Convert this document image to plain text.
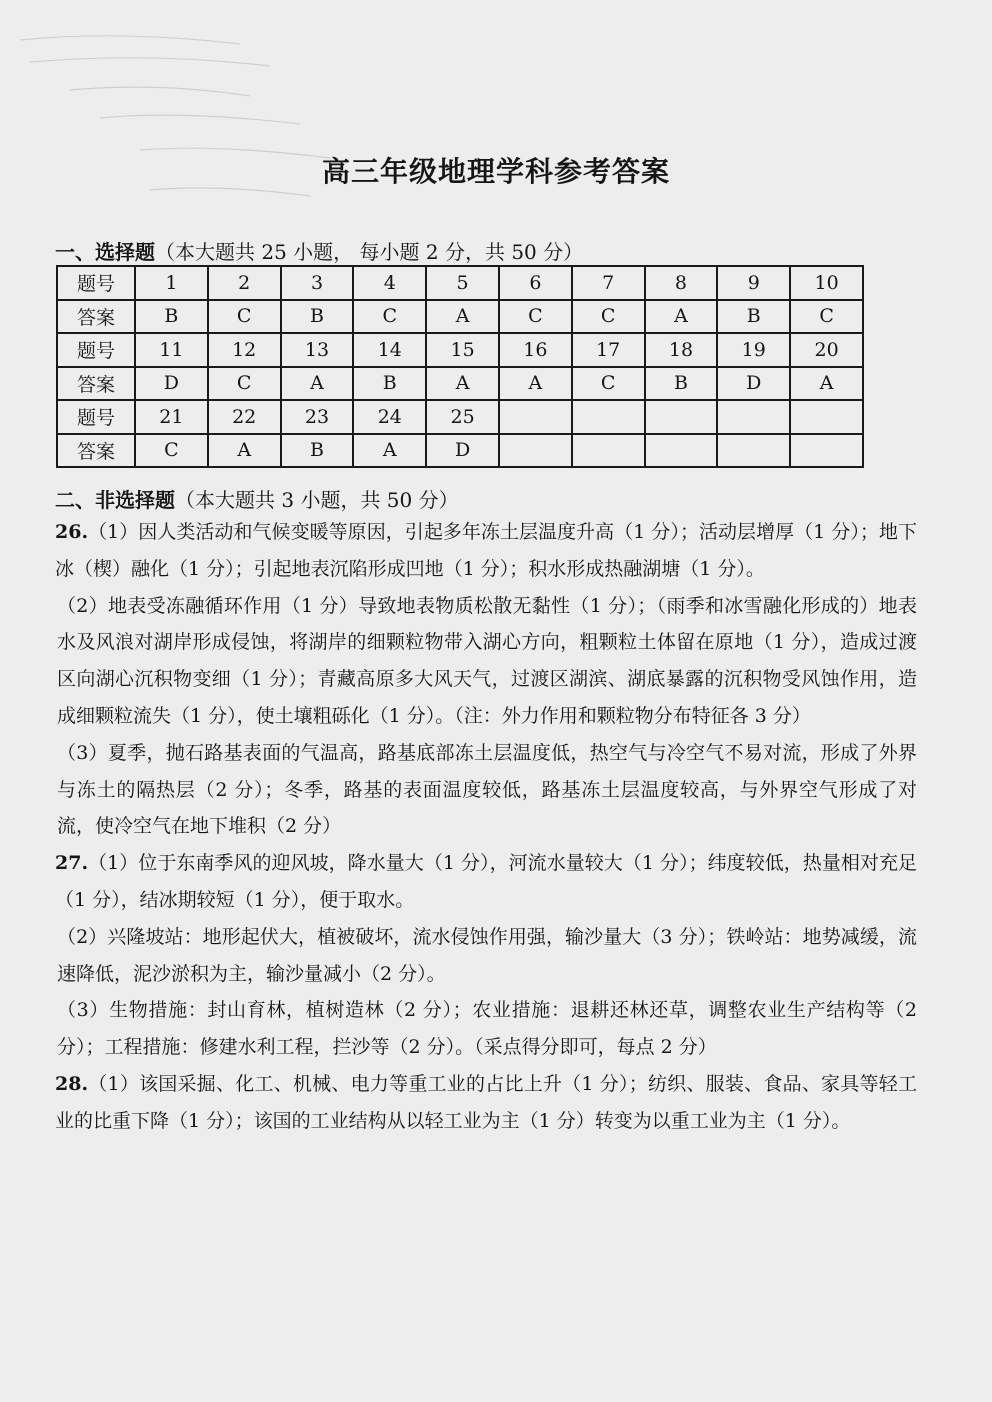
高三年级地理学科参考答案
一、选择题（本大题共 25 小题， 每小题 2 分，共 50 分）
题号	1	2	3	4	5	6	7	8	9	10
答案	B	C	B	C	A	C	C	A	B	C
题号	11	12	13	14	15	16	17	18	19	20
答案	D	C	A	B	A	A	C	B	D	A
题号	21	22	23	24	25					
答案	C	A	B	A	D					
二、非选择题（本大题共 3 小题，共 50 分）

26.（1）因人类活动和气候变暖等原因，引起多年冻土层温度升高（1 分）；活动层增厚（1 分）；地下冰（楔）融化（1 分）；引起地表沉陷形成凹地（1 分）；积水形成热融湖塘（1 分）。

（2）地表受冻融循环作用（1 分）导致地表物质松散无黏性（1 分）；（雨季和冰雪融化形成的）地表水及风浪对湖岸形成侵蚀，将湖岸的细颗粒物带入湖心方向，粗颗粒土体留在原地（1 分），造成过渡区向湖心沉积物变细（1 分）；青藏高原多大风天气，过渡区湖滨、湖底暴露的沉积物受风蚀作用，造成细颗粒流失（1 分），使土壤粗砾化（1 分）。（注：外力作用和颗粒物分布特征各 3 分）

（3）夏季，抛石路基表面的气温高，路基底部冻土层温度低，热空气与冷空气不易对流，形成了外界与冻土的隔热层（2 分）；冬季，路基的表面温度较低，路基冻土层温度较高，与外界空气形成了对流，使冷空气在地下堆积（2 分）

27.（1）位于东南季风的迎风坡，降水量大（1 分），河流水量较大（1 分）；纬度较低，热量相对充足（1 分），结冰期较短（1 分），便于取水。

（2）兴隆坡站：地形起伏大，植被破坏，流水侵蚀作用强，输沙量大（3 分）；铁岭站：地势减缓，流速降低，泥沙淤积为主，输沙量减小（2 分）。

（3）生物措施：封山育林，植树造林（2 分）；农业措施：退耕还林还草，调整农业生产结构等（2 分）；工程措施：修建水利工程，拦沙等（2 分）。（采点得分即可，每点 2 分）

28.（1）该国采掘、化工、机械、电力等重工业的占比上升（1 分）；纺织、服装、食品、家具等轻工业的比重下降（1 分）；该国的工业结构从以轻工业为主（1 分）转变为以重工业为主（1 分）。
